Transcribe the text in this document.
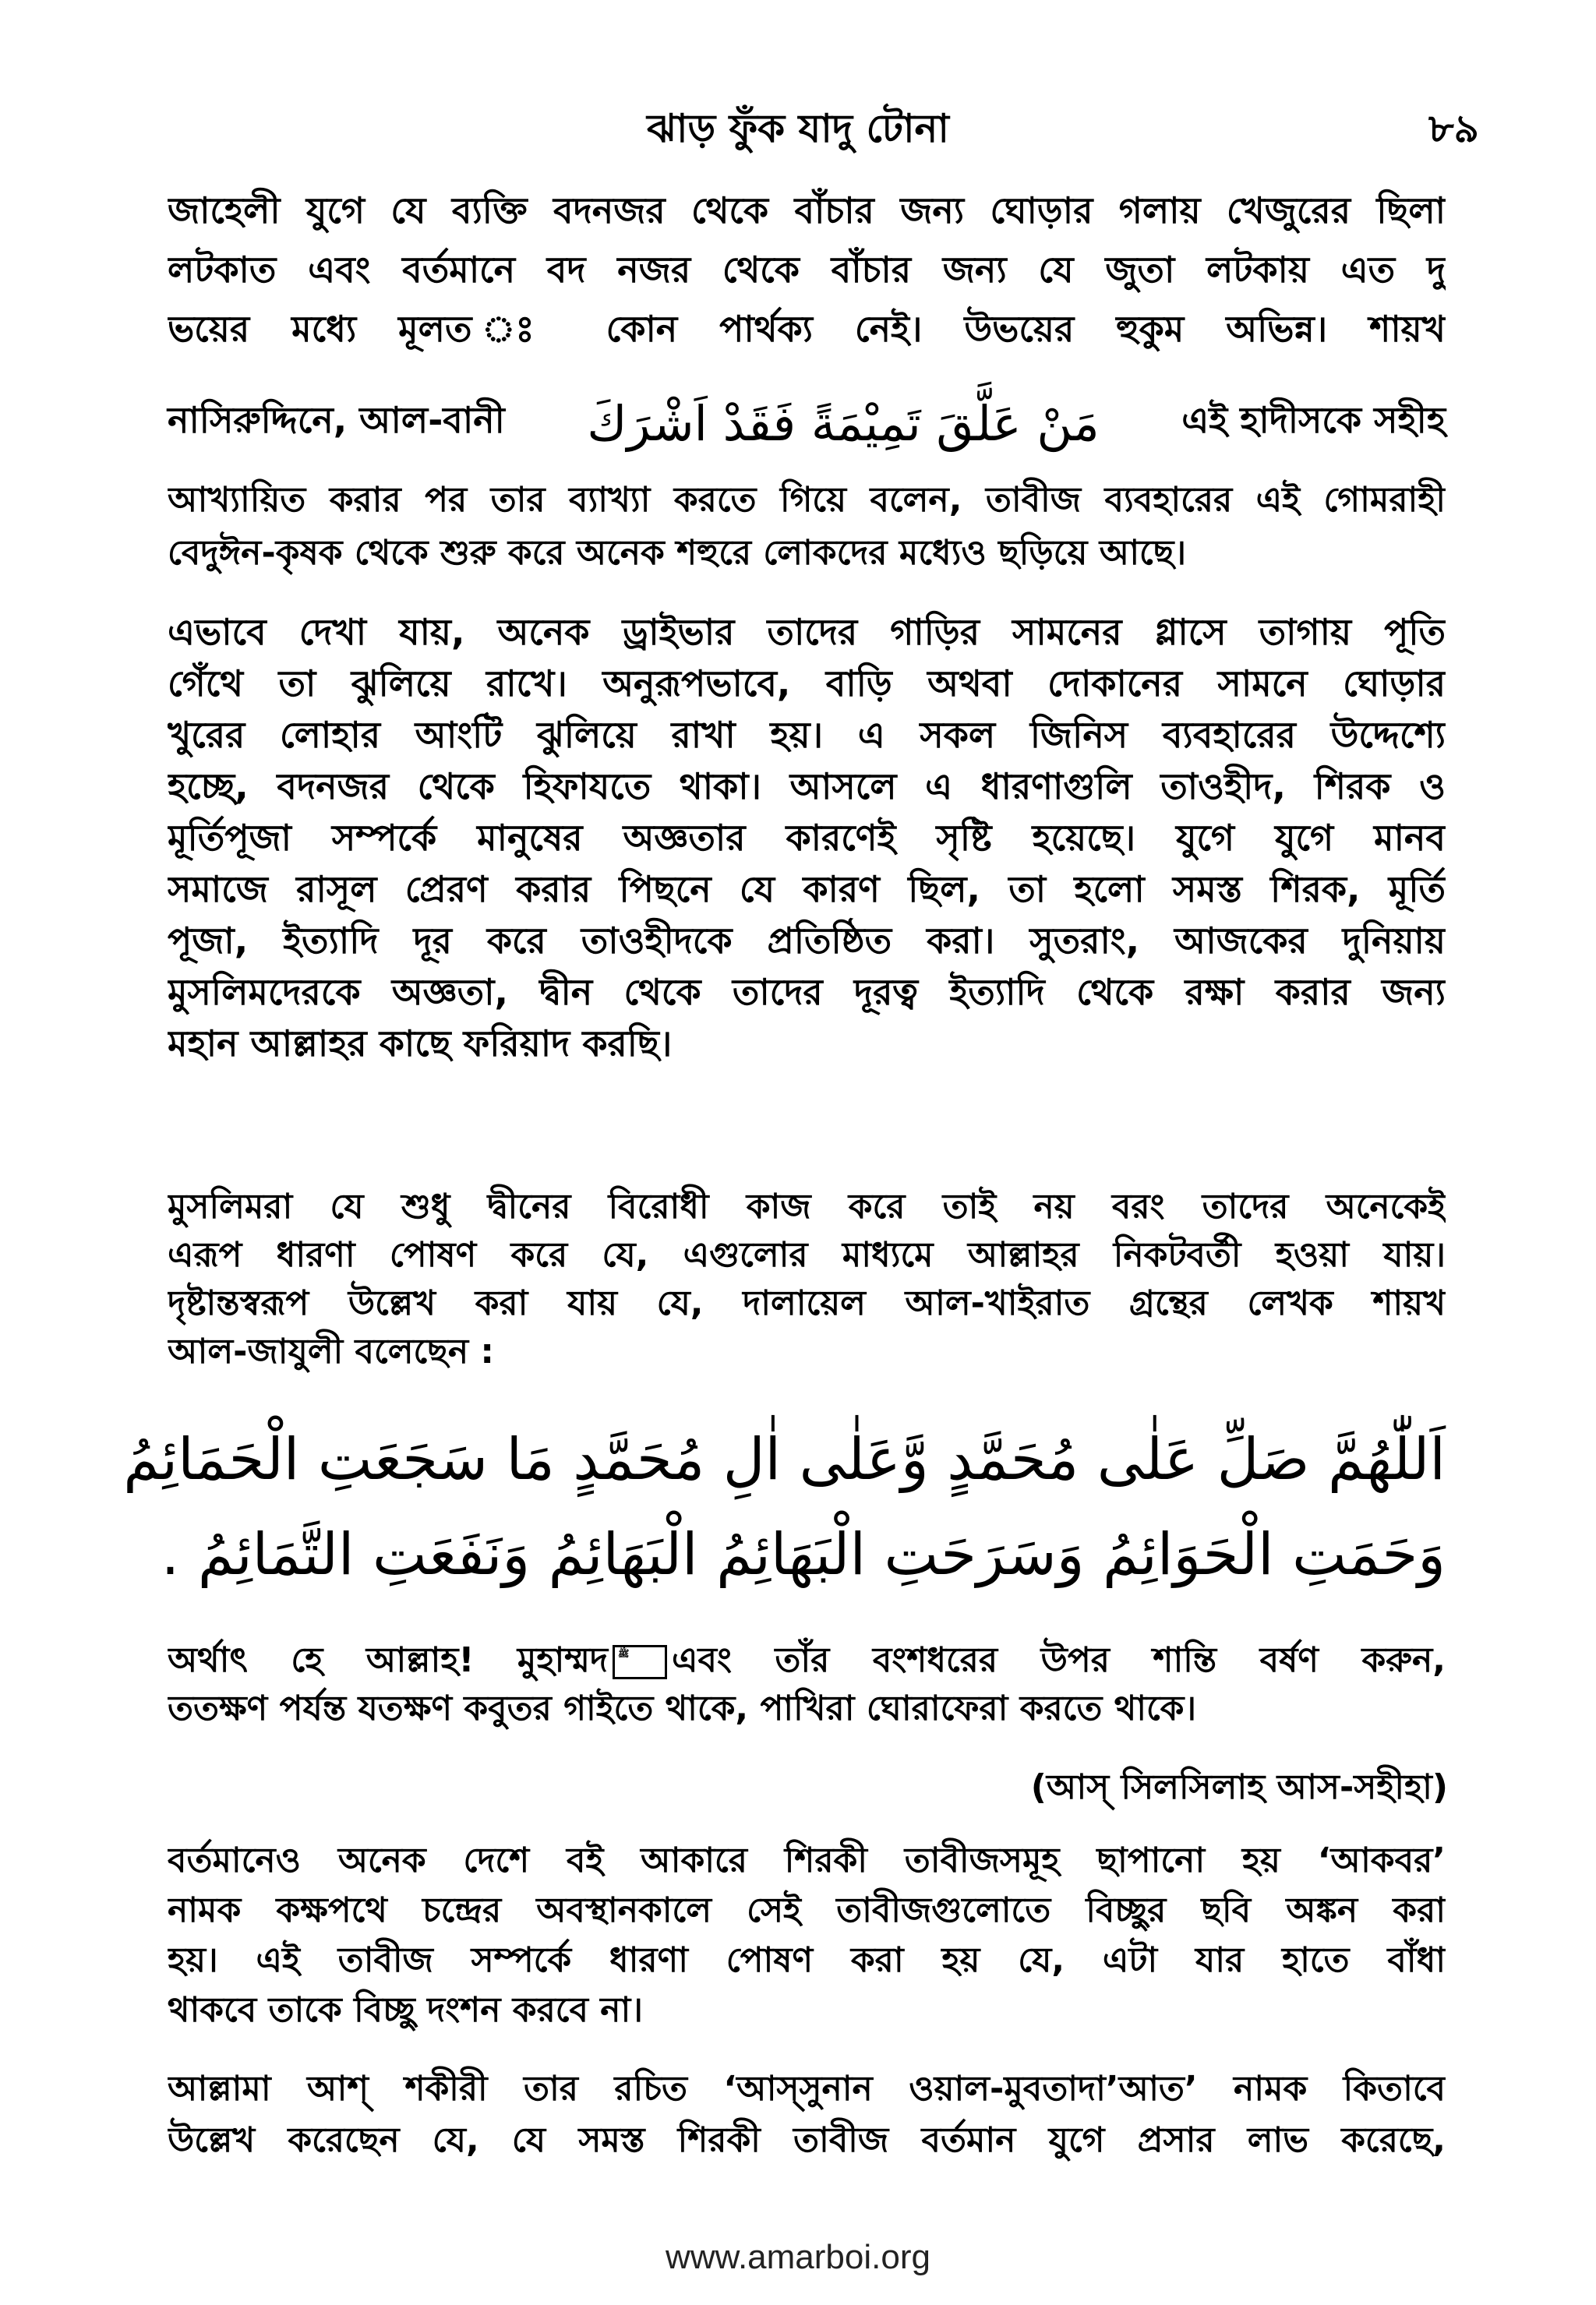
ঝাড় ফুঁক যাদু টোনা	৮৯
জাহেলী যুগে যে ব্যক্তি বদনজর থেকে বাঁচার জন্য ঘোড়ার গলায় খেজুরের ছিলা
লটকাত এবং বর্তমানে বদ নজর থেকে বাঁচার জন্য যে জুতা লটকায় এত দু
ভয়ের মধ্যে মূলত ঃ কোন পার্থক্য নেই। উভয়ের হুকুম অভিন্ন। শায়খ
নাসিরুদ্দিনে, আল-বানী	مَنْ عَلَّقَ تَمِيْمَةً فَقَدْ اَشْرَكَ	এই হাদীসকে সহীহ
আখ্যায়িত করার পর তার ব্যাখ্যা করতে গিয়ে বলেন, তাবীজ ব্যবহারের এই গোমরাহী
বেদুঈন-কৃষক থেকে শুরু করে অনেক শহুরে লোকদের মধ্যেও ছড়িয়ে আছে।
এভাবে দেখা যায়, অনেক ড্রাইভার তাদের গাড়ির সামনের গ্লাসে তাগায় পূতি
গেঁথে তা ঝুলিয়ে রাখে। অনুরূপভাবে, বাড়ি অথবা দোকানের সামনে ঘোড়ার
খুরের লোহার আংটি ঝুলিয়ে রাখা হয়। এ সকল জিনিস ব্যবহারের উদ্দেশ্যে
হচ্ছে, বদনজর থেকে হিফাযতে থাকা। আসলে এ ধারণাগুলি তাওহীদ, শিরক ও
মূর্তিপূজা সম্পর্কে মানুষের অজ্ঞতার কারণেই সৃষ্টি হয়েছে। যুগে যুগে মানব
সমাজে রাসূল প্রেরণ করার পিছনে যে কারণ ছিল, তা হলো সমস্ত শিরক, মূর্তি
পূজা, ইত্যাদি দূর করে তাওহীদকে প্রতিষ্ঠিত করা। সুতরাং, আজকের দুনিয়ায়
মুসলিমদেরকে অজ্ঞতা, দ্বীন থেকে তাদের দূরত্ব ইত্যাদি থেকে রক্ষা করার জন্য
মহান আল্লাহর কাছে ফরিয়াদ করছি।
মুসলিমরা যে শুধু দ্বীনের বিরোধী কাজ করে তাই নয় বরং তাদের অনেকেই
এরূপ ধারণা পোষণ করে যে, এগুলোর মাধ্যমে আল্লাহর নিকটবর্তী হওয়া যায়।
দৃষ্টান্তস্বরূপ উল্লেখ করা যায় যে, দালায়েল আল-খাইরাত গ্রন্থের লেখক শায়খ
আল-জাযুলী বলেছেন :
اَللّٰهُمَّ صَلِّ عَلٰى مُحَمَّدٍ وَّعَلٰى اٰلِ مُحَمَّدٍ مَا سَجَعَتِ الْحَمَائِمُ
وَحَمَتِ الْحَوَائِمُ وَسَرَحَتِ الْبَهَائِمُ الْبَهَائِمُ وَنَفَعَتِ التَّمَائِمُ .
অর্থাৎ হে আল্লাহ! মুহাম্মদ ﷺ এবং তাঁর বংশধরের উপর শান্তি বর্ষণ করুন,
ততক্ষণ পর্যন্ত যতক্ষণ কবুতর গাইতে থাকে, পাখিরা ঘোরাফেরা করতে থাকে।
(আস্ সিলসিলাহ আস-সহীহা)
বর্তমানেও অনেক দেশে বই আকারে শিরকী তাবীজসমূহ ছাপানো হয় ‘আকবর’
নামক কক্ষপথে চন্দ্রের অবস্থানকালে সেই তাবীজগুলোতে বিচ্ছুর ছবি অঙ্কন করা
হয়। এই তাবীজ সম্পর্কে ধারণা পোষণ করা হয় যে, এটা যার হাতে বাঁধা
থাকবে তাকে বিচ্ছু দংশন করবে না।
আল্লামা আশ্ শকীরী তার রচিত ‘আস্সুনান ওয়াল-মুবতাদা’আত’ নামক কিতাবে
উল্লেখ করেছেন যে, যে সমস্ত শিরকী তাবীজ বর্তমান যুগে প্রসার লাভ করেছে,
www.amarboi.org
